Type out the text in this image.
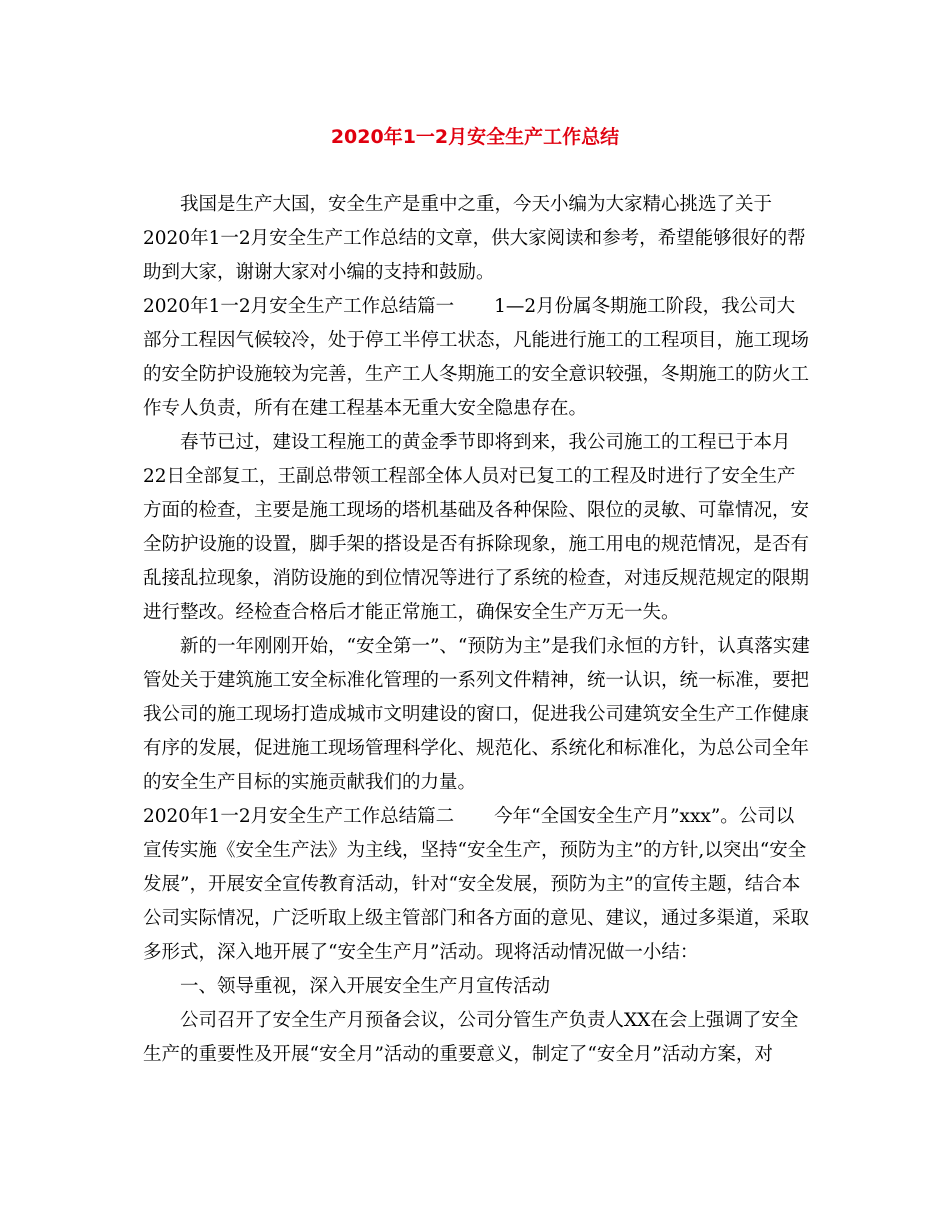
2020年1一2月安全生产工作总结

我国是生产大国，安全生产是重中之重，今天小编为大家精心挑选了关于2020年1一2月安全生产工作总结的文章，供大家阅读和参考，希望能够很好的帮助到大家，谢谢大家对小编的支持和鼓励。

2020年1一2月安全生产工作总结篇一 1—2月份属冬期施工阶段，我公司大部分工程因气候较冷，处于停工半停工状态，凡能进行施工的工程项目，施工现场的安全防护设施较为完善，生产工人冬期施工的安全意识较强，冬期施工的防火工作专人负责，所有在建工程基本无重大安全隐患存在。

春节已过，建设工程施工的黄金季节即将到来，我公司施工的工程已于本月22日全部复工，王副总带领工程部全体人员对已复工的工程及时进行了安全生产方面的检查，主要是施工现场的塔机基础及各种保险、限位的灵敏、可靠情况，安全防护设施的设置，脚手架的搭设是否有拆除现象，施工用电的规范情况，是否有乱接乱拉现象，消防设施的到位情况等进行了系统的检查，对违反规范规定的限期进行整改。经检查合格后才能正常施工，确保安全生产万无一失。

新的一年刚刚开始，“安全第一”、“预防为主”是我们永恒的方针，认真落实建管处关于建筑施工安全标准化管理的一系列文件精神，统一认识，统一标准，要把我公司的施工现场打造成城市文明建设的窗口，促进我公司建筑安全生产工作健康有序的发展，促进施工现场管理科学化、规范化、系统化和标准化，为总公司全年的安全生产目标的实施贡献我们的力量。

2020年1一2月安全生产工作总结篇二 今年“全国安全生产月”xxx”。公司以宣传实施《安全生产法》为主线，坚持“安全生产，预防为主”的方针,以突出“安全发展”，开展安全宣传教育活动，针对“安全发展，预防为主”的宣传主题，结合本公司实际情况，广泛听取上级主管部门和各方面的意见、建议，通过多渠道，采取多形式，深入地开展了“安全生产月”活动。现将活动情况做一小结：

一、领导重视，深入开展安全生产月宣传活动

公司召开了安全生产月预备会议，公司分管生产负责人XX在会上强调了安全生产的重要性及开展“安全月”活动的重要意义，制定了“安全月”活动方案，对
